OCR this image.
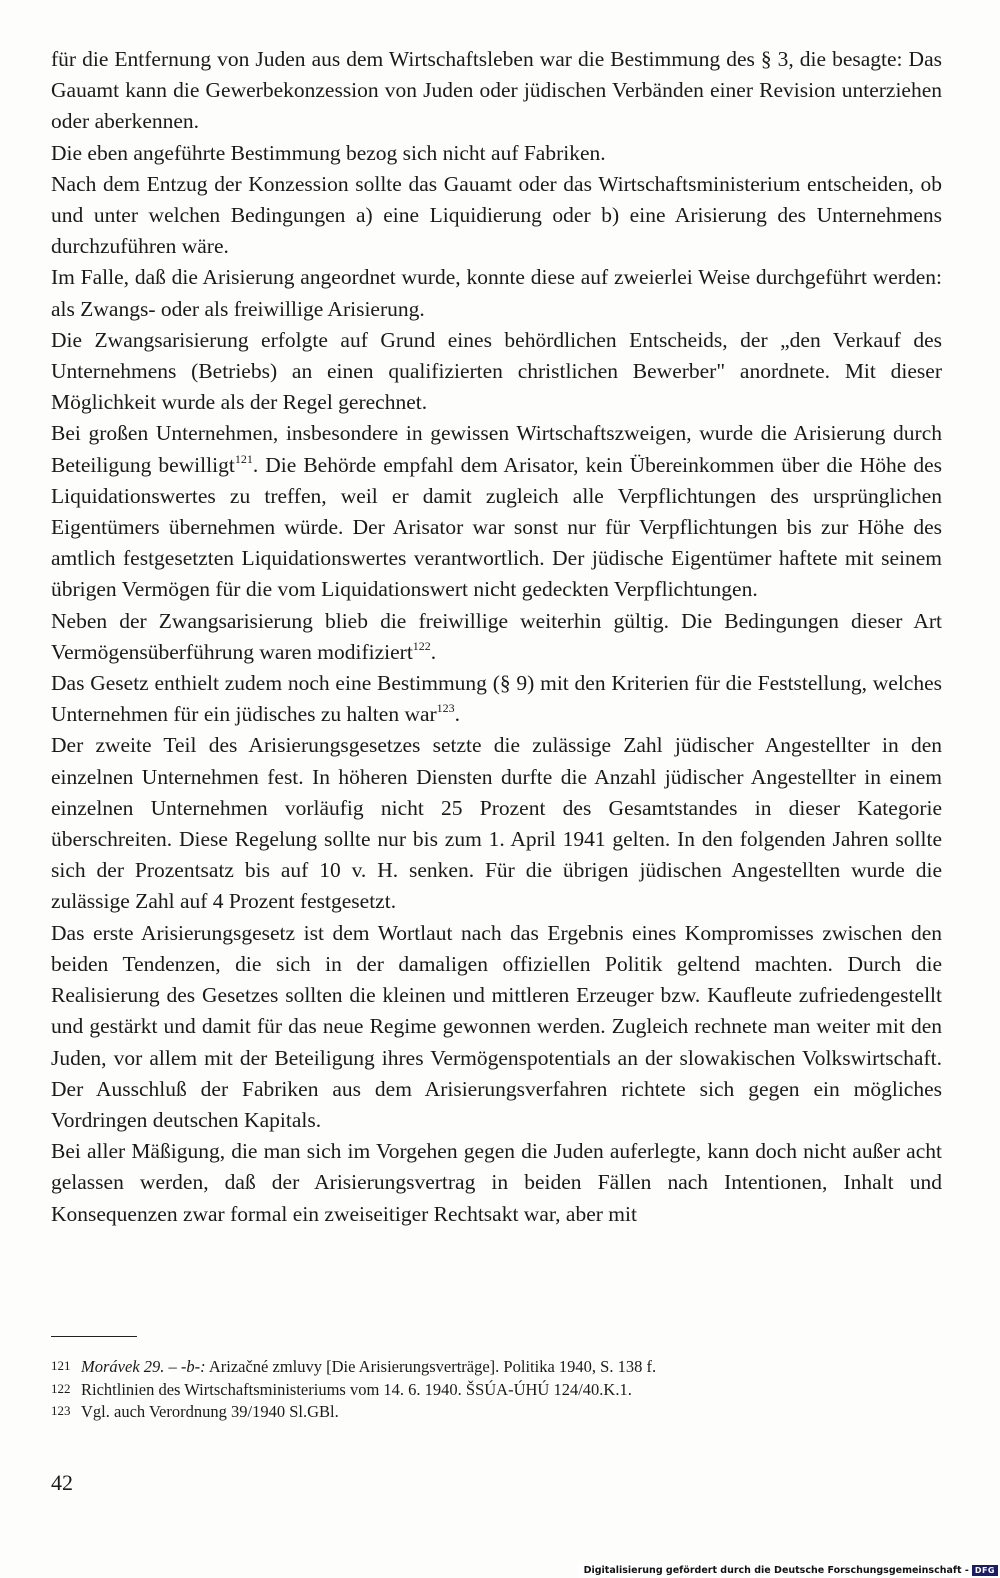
für die Entfernung von Juden aus dem Wirtschaftsleben war die Bestimmung des § 3, die besagte: Das Gauamt kann die Gewerbekonzession von Juden oder jüdischen Verbänden einer Revision unterziehen oder aberkennen.

Die eben angeführte Bestimmung bezog sich nicht auf Fabriken.

Nach dem Entzug der Konzession sollte das Gauamt oder das Wirtschaftsministerium entscheiden, ob und unter welchen Bedingungen a) eine Liquidierung oder b) eine Arisierung des Unternehmens durchzuführen wäre.

Im Falle, daß die Arisierung angeordnet wurde, konnte diese auf zweierlei Weise durchgeführt werden: als Zwangs- oder als freiwillige Arisierung.

Die Zwangsarisierung erfolgte auf Grund eines behördlichen Entscheids, der „den Verkauf des Unternehmens (Betriebs) an einen qualifizierten christlichen Bewerber" anordnete. Mit dieser Möglichkeit wurde als der Regel gerechnet.

Bei großen Unternehmen, insbesondere in gewissen Wirtschaftszweigen, wurde die Arisierung durch Beteiligung bewilligt$^{121}$. Die Behörde empfahl dem Arisator, kein Übereinkommen über die Höhe des Liquidationswertes zu treffen, weil er damit zugleich alle Verpflichtungen des ursprünglichen Eigentümers übernehmen würde. Der Arisator war sonst nur für Verpflichtungen bis zur Höhe des amtlich festgesetzten Liquidationswertes verantwortlich. Der jüdische Eigentümer haftete mit seinem übrigen Vermögen für die vom Liquidationswert nicht gedeckten Verpflichtungen.

Neben der Zwangsarisierung blieb die freiwillige weiterhin gültig. Die Bedingungen dieser Art Vermögensüberführung waren modifiziert$^{122}$.

Das Gesetz enthielt zudem noch eine Bestimmung (§ 9) mit den Kriterien für die Feststellung, welches Unternehmen für ein jüdisches zu halten war$^{123}$.

Der zweite Teil des Arisierungsgesetzes setzte die zulässige Zahl jüdischer Angestellter in den einzelnen Unternehmen fest. In höheren Diensten durfte die Anzahl jüdischer Angestellter in einem einzelnen Unternehmen vorläufig nicht 25 Prozent des Gesamtstandes in dieser Kategorie überschreiten. Diese Regelung sollte nur bis zum 1. April 1941 gelten. In den folgenden Jahren sollte sich der Prozentsatz bis auf 10 v. H. senken. Für die übrigen jüdischen Angestellten wurde die zulässige Zahl auf 4 Prozent festgesetzt.

Das erste Arisierungsgesetz ist dem Wortlaut nach das Ergebnis eines Kompromisses zwischen den beiden Tendenzen, die sich in der damaligen offiziellen Politik geltend machten. Durch die Realisierung des Gesetzes sollten die kleinen und mittleren Erzeuger bzw. Kaufleute zufriedengestellt und gestärkt und damit für das neue Regime gewonnen werden. Zugleich rechnete man weiter mit den Juden, vor allem mit der Beteiligung ihres Vermögenspotentials an der slowakischen Volkswirtschaft. Der Ausschluß der Fabriken aus dem Arisierungsverfahren richtete sich gegen ein mögliches Vordringen deutschen Kapitals.

Bei aller Mäßigung, die man sich im Vorgehen gegen die Juden auferlegte, kann doch nicht außer acht gelassen werden, daß der Arisierungsvertrag in beiden Fällen nach Intentionen, Inhalt und Konsequenzen zwar formal ein zweiseitiger Rechtsakt war, aber mit

121 Morávek 29. – -b-: Arizačné zmluvy [Die Arisierungsverträge]. Politika 1940, S. 138 f.
122 Richtlinien des Wirtschaftsministeriums vom 14. 6. 1940. ŠSÚA-ÚHÚ 124/40.K.1.
123 Vgl. auch Verordnung 39/1940 Sl.GBl.
42
Digitalisierung gefördert durch die Deutsche Forschungsgemeinschaft - DFG
